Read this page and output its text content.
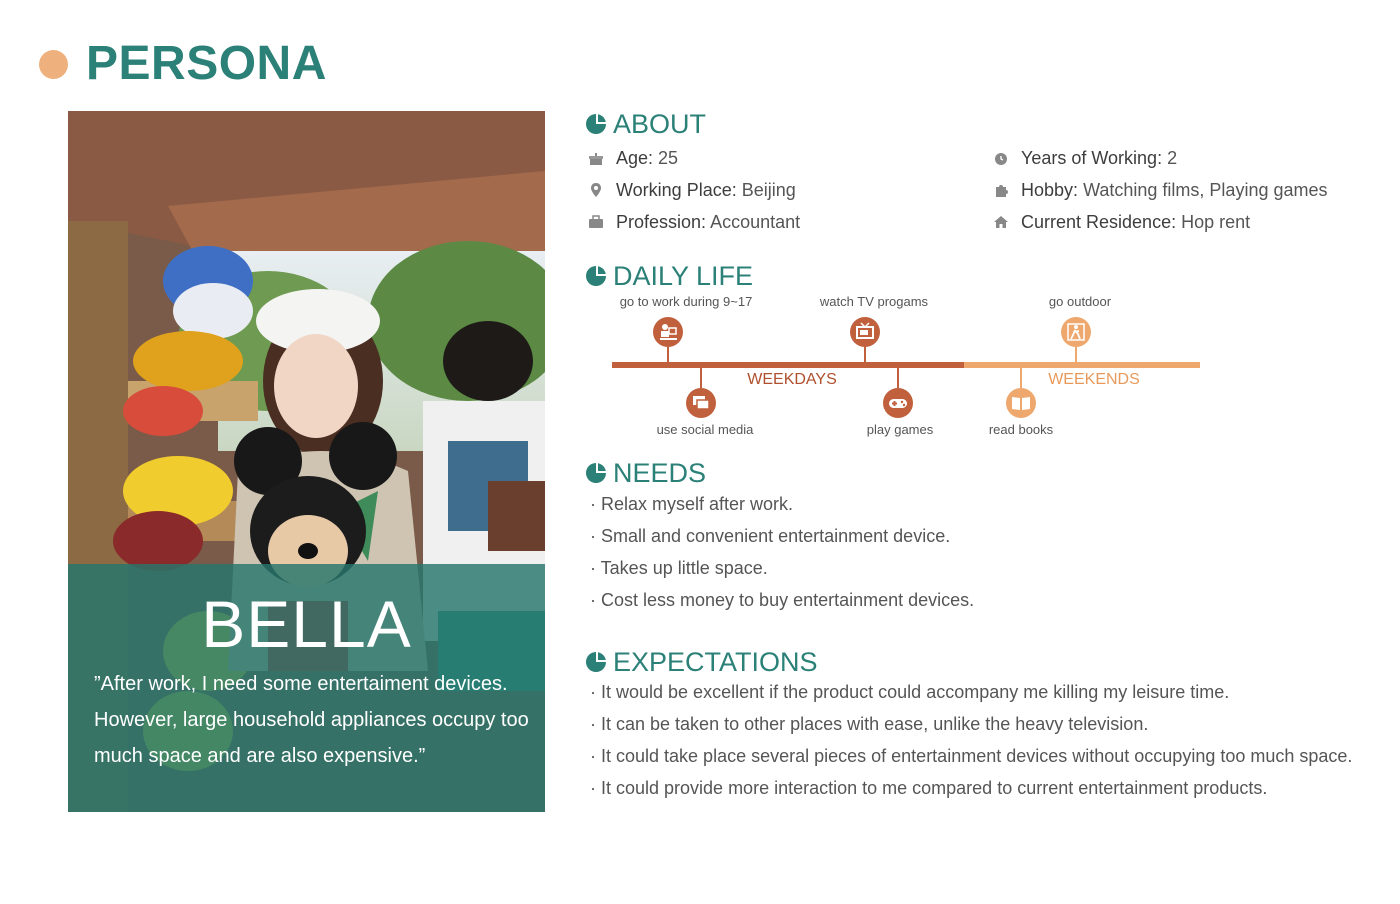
PERSONA
BELLA
”After work, I need some entertaiment devices. However, large household appliances occupy too much space and are also expensive.”
ABOUT
Age: 25
Working Place: Beijing
Profession: Accountant
Years of Working: 2
Hobby: Watching films, Playing games
Current Residence: Hop rent
DAILY LIFE
WEEKDAYS	WEEKENDS
go to work during 9~17	watch TV progams	go outdoor
use social media	play games	read books
NEEDS
· Relax myself after work.
· Small and convenient entertainment device.
· Takes up little space.
· Cost less money to buy entertainment devices.
EXPECTATIONS
· It would be excellent if the product could accompany me killing my leisure time.
· It can be taken to other places with ease, unlike the heavy television.
· It could take place several pieces of entertainment devices without occupying too much space.
· It could provide more interaction to me compared to current entertainment products.
